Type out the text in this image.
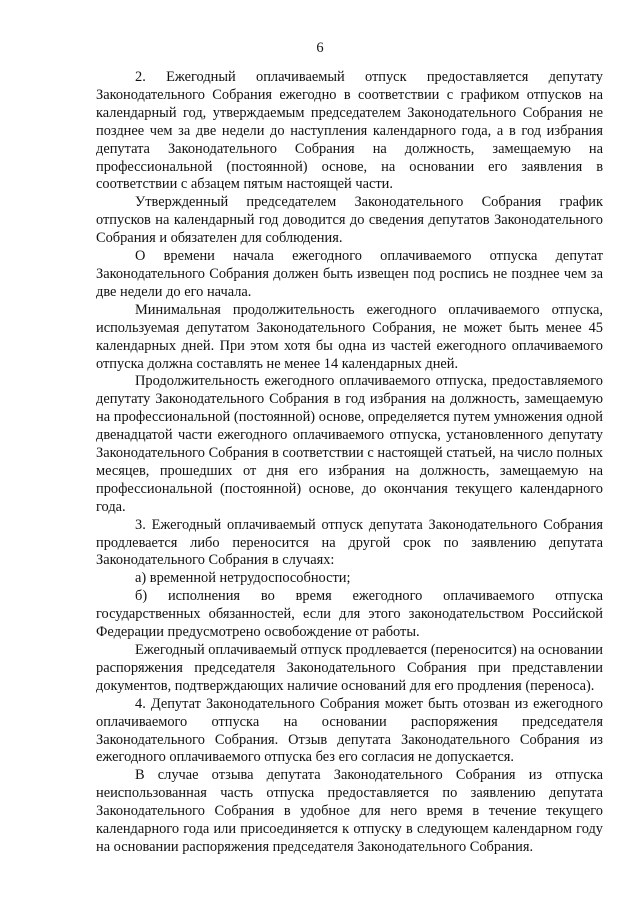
6

2. Ежегодный оплачиваемый отпуск предоставляется депутату Законодательного Собрания ежегодно в соответствии с графиком отпусков на календарный год, утверждаемым председателем Законодательного Собрания не позднее чем за две недели до наступления календарного года, а в год избрания депутата Законодательного Собрания на должность, замещаемую на профессиональной (постоянной) основе, на основании его заявления в соответствии с абзацем пятым настоящей части.

Утвержденный председателем Законодательного Собрания график отпусков на календарный год доводится до сведения депутатов Законодательного Собрания и обязателен для соблюдения.

О времени начала ежегодного оплачиваемого отпуска депутат Законодательного Собрания должен быть извещен под роспись не позднее чем за две недели до его начала.

Минимальная продолжительность ежегодного оплачиваемого отпуска, используемая депутатом Законодательного Собрания, не может быть менее 45 календарных дней. При этом хотя бы одна из частей ежегодного оплачиваемого отпуска должна составлять не менее 14 календарных дней.

Продолжительность ежегодного оплачиваемого отпуска, предоставляемого депутату Законодательного Собрания в год избрания на должность, замещаемую на профессиональной (постоянной) основе, определяется путем умножения одной двенадцатой части ежегодного оплачиваемого отпуска, установленного депутату Законодательного Собрания в соответствии с настоящей статьей, на число полных месяцев, прошедших от дня его избрания на должность, замещаемую на профессиональной (постоянной) основе, до окончания текущего календарного года.

3. Ежегодный оплачиваемый отпуск депутата Законодательного Собрания продлевается либо переносится на другой срок по заявлению депутата Законодательного Собрания в случаях:

а) временной нетрудоспособности;

б) исполнения во время ежегодного оплачиваемого отпуска государственных обязанностей, если для этого законодательством Российской Федерации предусмотрено освобождение от работы.

Ежегодный оплачиваемый отпуск продлевается (переносится) на основании распоряжения председателя Законодательного Собрания при представлении документов, подтверждающих наличие оснований для его продления (переноса).

4. Депутат Законодательного Собрания может быть отозван из ежегодного оплачиваемого отпуска на основании распоряжения председателя Законодательного Собрания. Отзыв депутата Законодательного Собрания из ежегодного оплачиваемого отпуска без его согласия не допускается.

В случае отзыва депутата Законодательного Собрания из отпуска неиспользованная часть отпуска предоставляется по заявлению депутата Законодательного Собрания в удобное для него время в течение текущего календарного года или присоединяется к отпуску в следующем календарном году на основании распоряжения председателя Законодательного Собрания.
